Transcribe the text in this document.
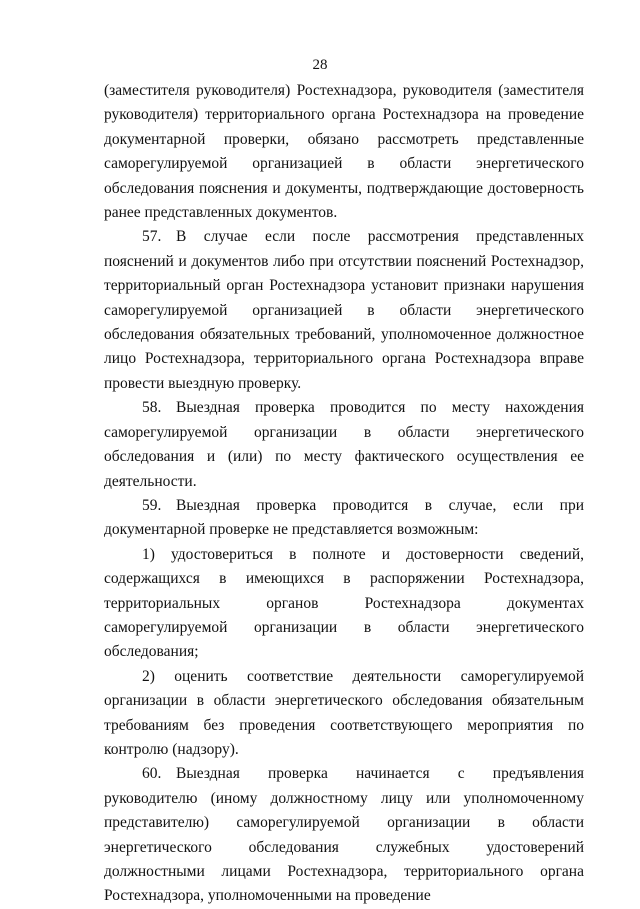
28

(заместителя руководителя) Ростехнадзора, руководителя (заместителя руководителя) территориального органа Ростехнадзора на проведение документарной проверки, обязано рассмотреть представленные саморегулируемой организацией в области энергетического обследования пояснения и документы, подтверждающие достоверность ранее представленных документов.

57. В случае если после рассмотрения представленных пояснений и документов либо при отсутствии пояснений Ростехнадзор, территориальный орган Ростехнадзора установит признаки нарушения саморегулируемой организацией в области энергетического обследования обязательных требований, уполномоченное должностное лицо Ростехнадзора, территориального органа Ростехнадзора вправе провести выездную проверку.

58. Выездная проверка проводится по месту нахождения саморегулируемой организации в области энергетического обследования и (или) по месту фактического осуществления ее деятельности.

59. Выездная проверка проводится в случае, если при документарной проверке не представляется возможным:

1) удостовериться в полноте и достоверности сведений, содержащихся в имеющихся в распоряжении Ростехнадзора, территориальных органов Ростехнадзора документах саморегулируемой организации в области энергетического обследования;

2) оценить соответствие деятельности саморегулируемой организации в области энергетического обследования обязательным требованиям без проведения соответствующего мероприятия по контролю (надзору).

60. Выездная проверка начинается с предъявления руководителю (иному должностному лицу или уполномоченному представителю) саморегулируемой организации в области энергетического обследования служебных удостоверений должностными лицами Ростехнадзора, территориального органа Ростехнадзора, уполномоченными на проведение
